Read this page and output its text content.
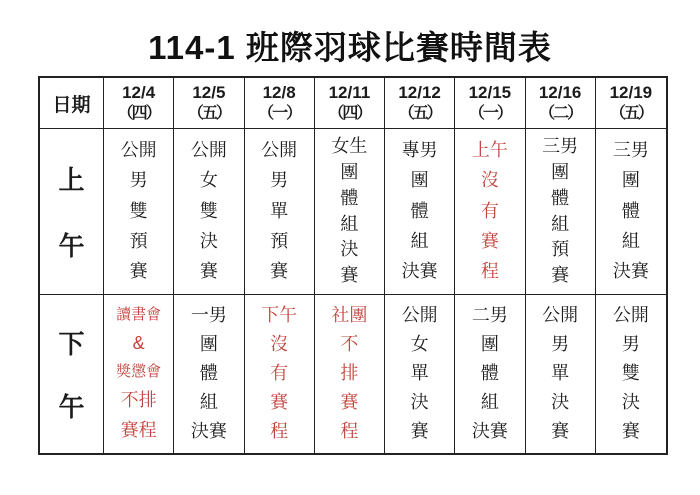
114-1 班際羽球比賽時間表
日期
12/4
（四）
12/5
（五）
12/8
（一）
12/11
（四）
12/12
（五）
12/15
（一）
12/16
（二）
12/19
（五）
上
午
公開
男
雙
預
賽
公開
女
雙
決
賽
公開
男
單
預
賽
女生
團
體
組
決
賽
專男
團
體
組
決賽
上午
沒
有
賽
程
三男
團
體
組
預
賽
三男
團
體
組
決賽
下
午
讀書會
&
獎懲會
不排
賽程
一男
團
體
組
決賽
下午
沒
有
賽
程
社團
不
排
賽
程
公開
女
單
決
賽
二男
團
體
組
決賽
公開
男
單
決
賽
公開
男
雙
決
賽
